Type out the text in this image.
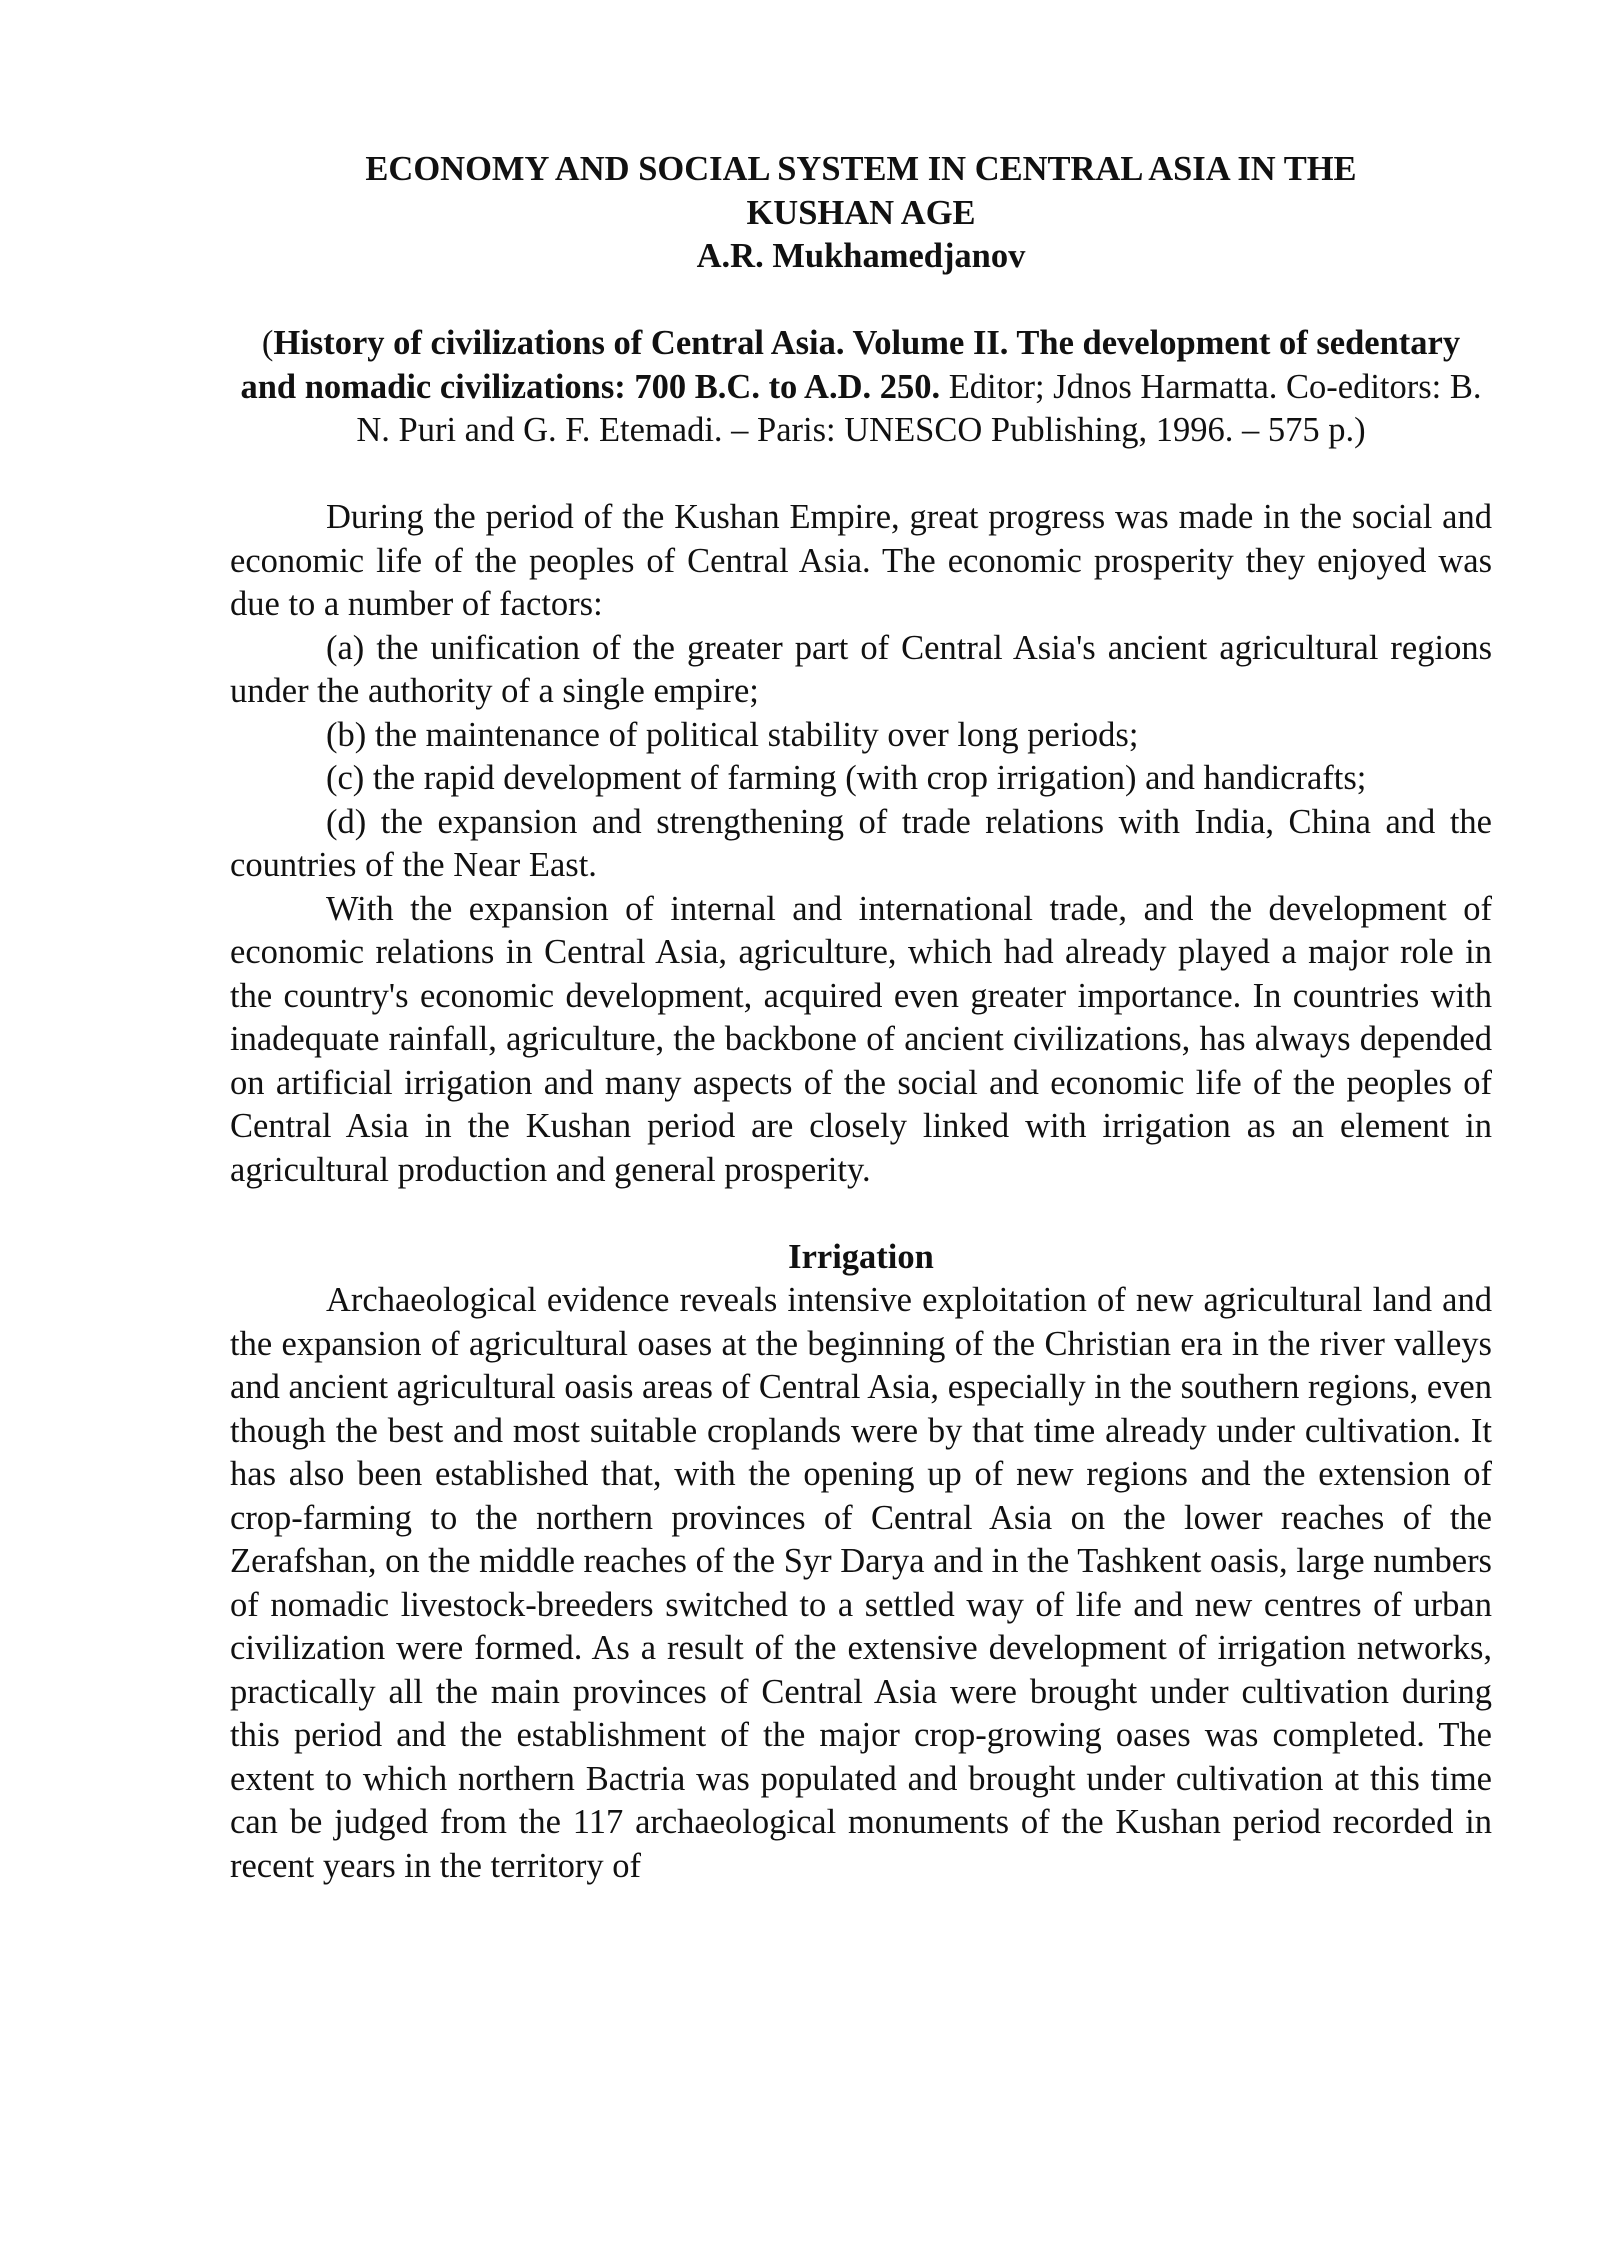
ECONOMY AND SOCIAL SYSTEM IN CENTRAL ASIA IN THE
KUSHAN AGE
A.R. Mukhamedjanov
(History of civilizations of Central Asia. Volume II. The development of sedentary and nomadic civilizations: 700 B.C. to A.D. 250. Editor; Jdnos Harmatta. Co-editors: B. N. Puri and G. F. Etemadi. – Paris: UNESCO Publishing, 1996. – 575 p.)

During the period of the Kushan Empire, great progress was made in the social and economic life of the peoples of Central Asia. The economic prosperity they enjoyed was due to a number of factors:

(a) the unification of the greater part of Central Asia's ancient agricultural regions under the authority of a single empire;

(b) the maintenance of political stability over long periods;

(c) the rapid development of farming (with crop irrigation) and handicrafts;

(d) the expansion and strengthening of trade relations with India, China and the countries of the Near East.

With the expansion of internal and international trade, and the development of economic relations in Central Asia, agriculture, which had already played a major role in the country's economic development, acquired even greater importance. In countries with inadequate rainfall, agriculture, the backbone of ancient civilizations, has always depended on artificial irrigation and many aspects of the social and economic life of the peoples of Central Asia in the Kushan period are closely linked with irrigation as an element in agricultural production and general prosperity.

Irrigation

Archaeological evidence reveals intensive exploitation of new agricultural land and the expansion of agricultural oases at the beginning of the Christian era in the river valleys and ancient agricultural oasis areas of Central Asia, especially in the southern regions, even though the best and most suitable croplands were by that time already under cultivation. It has also been established that, with the opening up of new regions and the extension of crop-farming to the northern provinces of Central Asia on the lower reaches of the Zerafshan, on the middle reaches of the Syr Darya and in the Tashkent oasis, large numbers of nomadic livestock-breeders switched to a settled way of life and new centres of urban civilization were formed. As a result of the extensive development of irrigation networks, practically all the main provinces of Central Asia were brought under cultivation during this period and the establishment of the major crop-growing oases was completed. The extent to which northern Bactria was populated and brought under cultivation at this time can be judged from the 117 archaeological monuments of the Kushan period recorded in recent years in the territory of
